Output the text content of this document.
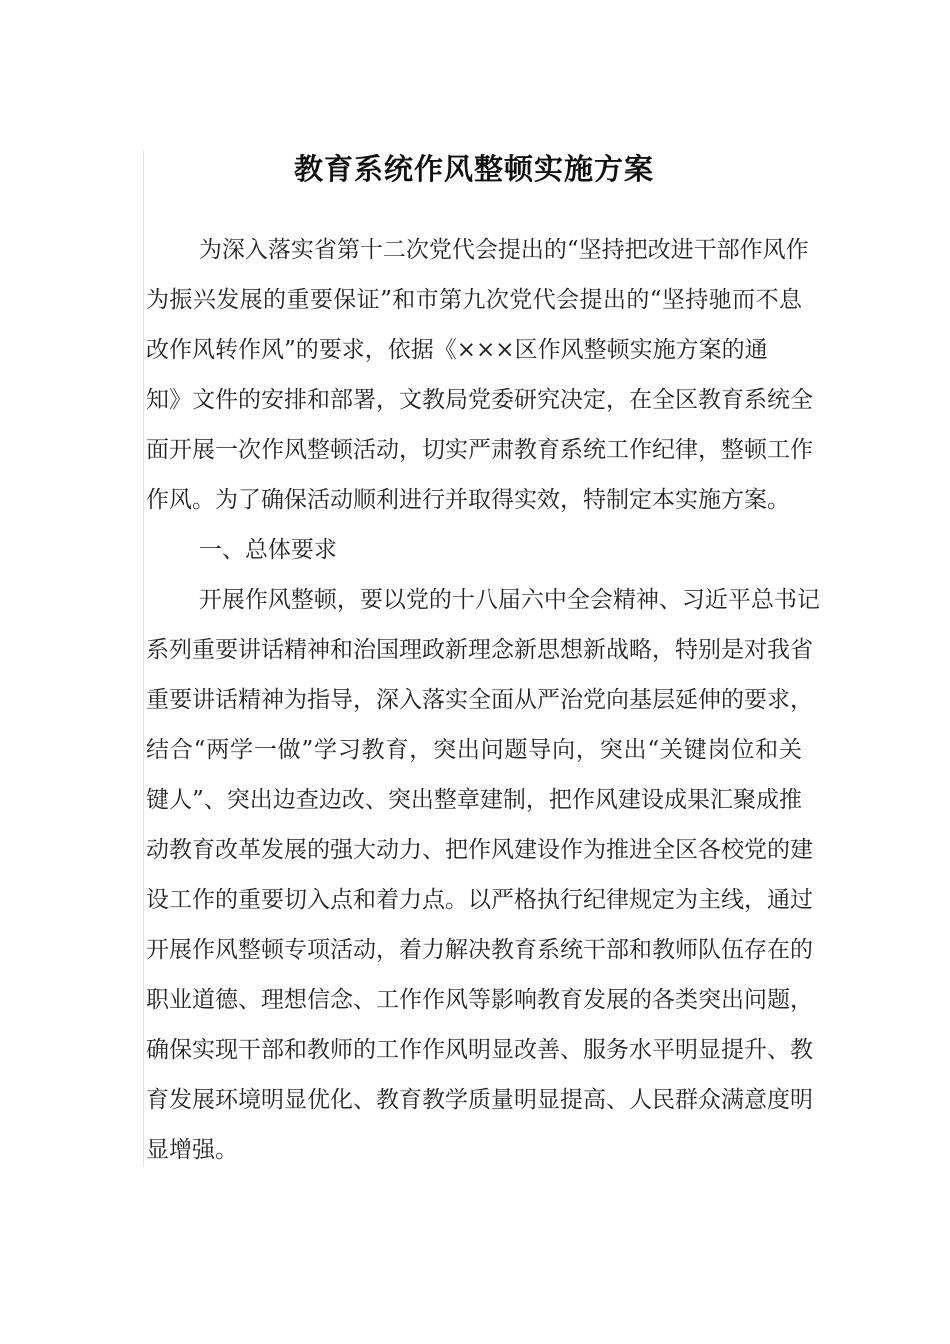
教育系统作风整顿实施方案
为深入落实省第十二次党代会提出的“坚持把改进干部作风作
为振兴发展的重要保证”和市第九次党代会提出的“坚持驰而不息
改作风转作风”的要求，依据《×××区作风整顿实施方案的通
知》文件的安排和部署，文教局党委研究决定，在全区教育系统全
面开展一次作风整顿活动，切实严肃教育系统工作纪律，整顿工作
作风。为了确保活动顺利进行并取得实效，特制定本实施方案。
一、总体要求
开展作风整顿，要以党的十八届六中全会精神、习近平总书记
系列重要讲话精神和治国理政新理念新思想新战略，特别是对我省
重要讲话精神为指导，深入落实全面从严治党向基层延伸的要求，
结合“两学一做”学习教育，突出问题导向，突出“关键岗位和关
键人”、突出边查边改、突出整章建制，把作风建设成果汇聚成推
动教育改革发展的强大动力、把作风建设作为推进全区各校党的建
设工作的重要切入点和着力点。以严格执行纪律规定为主线，通过
开展作风整顿专项活动，着力解决教育系统干部和教师队伍存在的
职业道德、理想信念、工作作风等影响教育发展的各类突出问题，
确保实现干部和教师的工作作风明显改善、服务水平明显提升、教
育发展环境明显优化、教育教学质量明显提高、人民群众满意度明
显增强。
